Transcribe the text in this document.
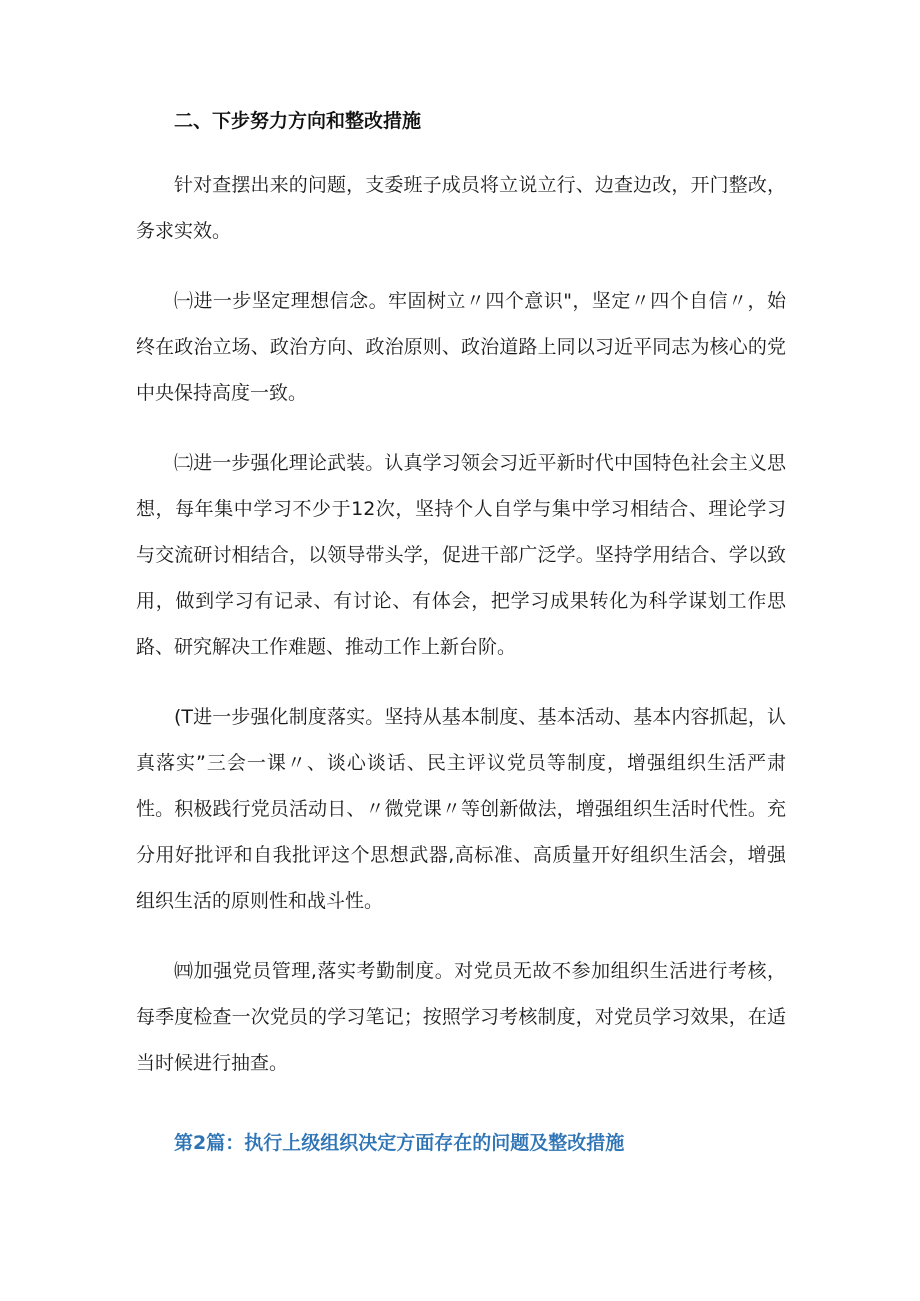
二、下步努力方向和整改措施
针对查摆出来的问题，支委班子成员将立说立行、边查边改，开门整改，务求实效。
㈠进一步坚定理想信念。牢固树立〃四个意识"，坚定〃四个自信〃，始终在政治立场、政治方向、政治原则、政治道路上同以习近平同志为核心的党中央保持高度一致。
㈡进一步强化理论武装。认真学习领会习近平新时代中国特色社会主义思想，每年集中学习不少于12次，坚持个人自学与集中学习相结合、理论学习与交流研讨相结合，以领导带头学，促进干部广泛学。坚持学用结合、学以致用，做到学习有记录、有讨论、有体会，把学习成果转化为科学谋划工作思路、研究解决工作难题、推动工作上新台阶。
(T进一步强化制度落实。坚持从基本制度、基本活动、基本内容抓起，认真落实”三会一课〃、谈心谈话、民主评议党员等制度，增强组织生活严肃性。积极践行党员活动日、〃微党课〃等创新做法，增强组织生活时代性。充分用好批评和自我批评这个思想武器,高标准、高质量开好组织生活会，增强组织生活的原则性和战斗性。
㈣加强党员管理,落实考勤制度。对党员无故不参加组织生活进行考核，每季度检查一次党员的学习笔记；按照学习考核制度，对党员学习效果，在适当时候进行抽查。
第2篇：执行上级组织决定方面存在的问题及整改措施
